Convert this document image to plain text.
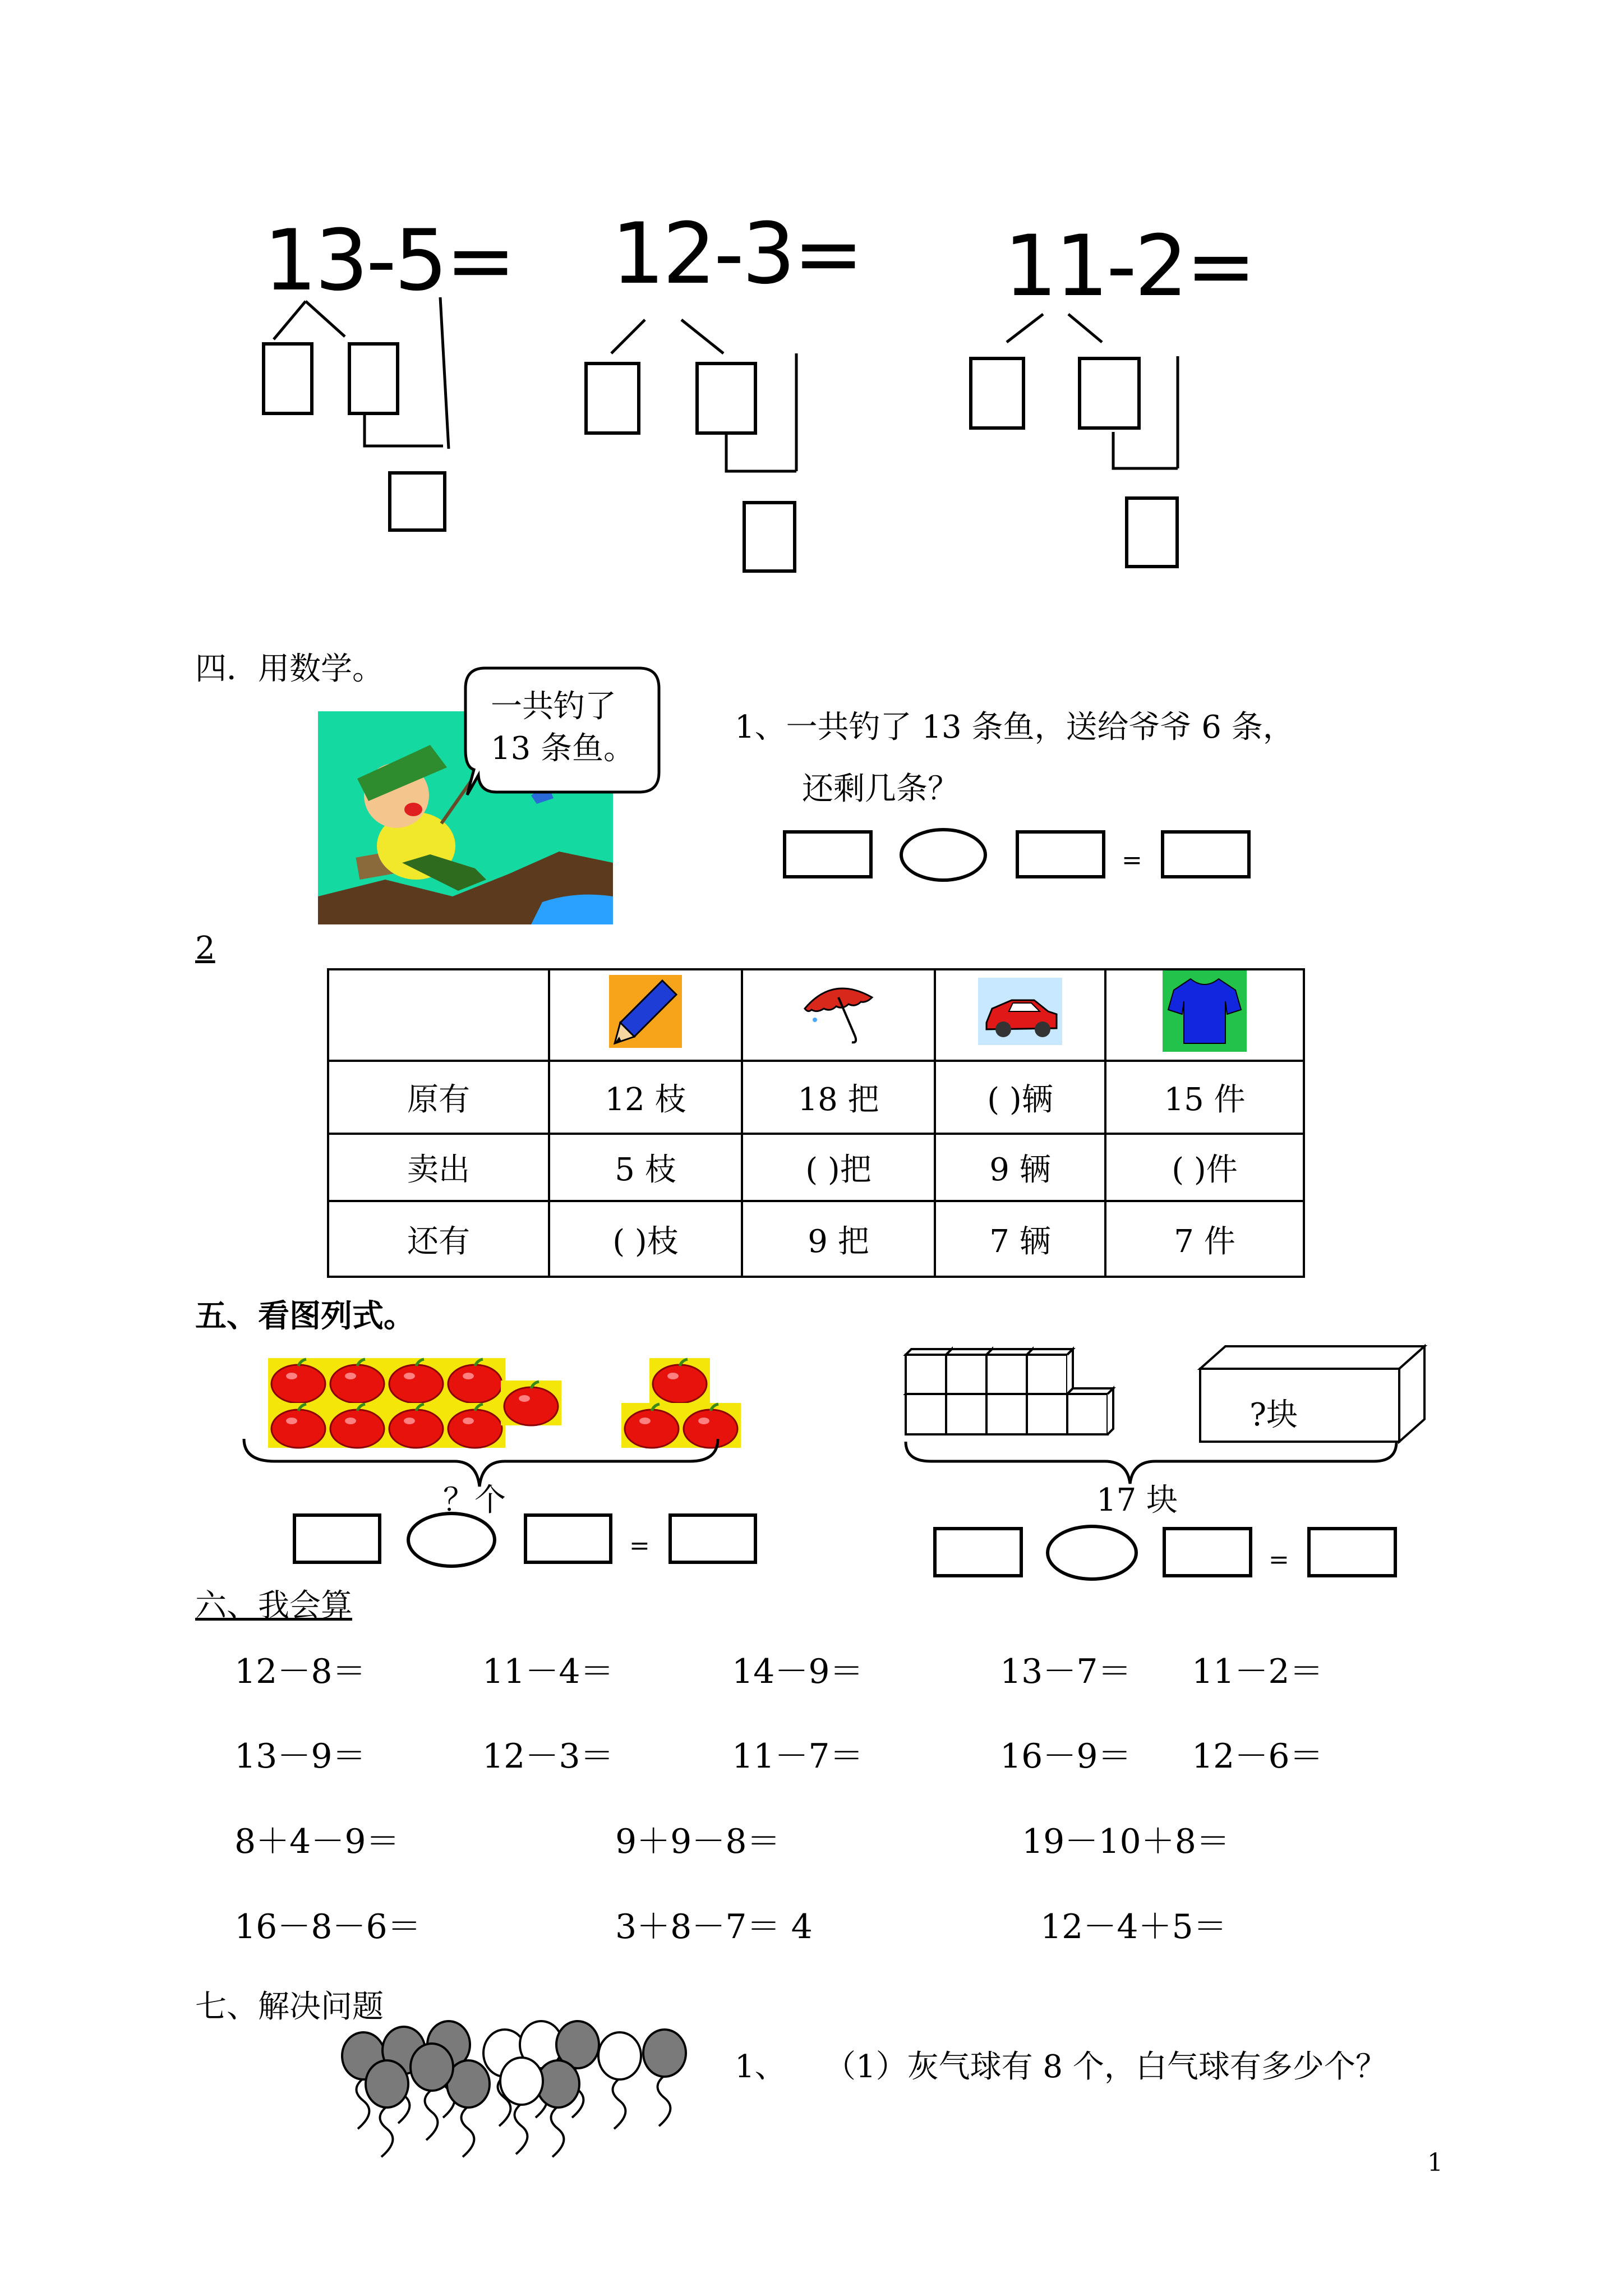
13-5= 12-3= 11-2=
四．用数学。
一共钓了
13 条鱼。
1、一共钓了 13 条鱼，送给爷爷 6 条，
还剩几条？
=
2

原有	12 枝	18 把	( )辆	15 件
卖出	5 枝	( )把	9 辆	( )件
还有	( )枝	9 把	7 辆	7 件
五、看图列式。
？个
=
?块
17 块
=
六、我会算
12－8＝	11－4＝	14－9＝	13－7＝ 11－2＝
13－9＝	12－3＝	11－7＝	16－9＝ 12－6＝
8＋4－9＝	9＋9－8＝	19－10＋8＝
16－8－6＝	3＋8－7＝ 4	12－4＋5＝
七、解决问题
1、 （1）灰气球有 8 个，白气球有多少个？
1
